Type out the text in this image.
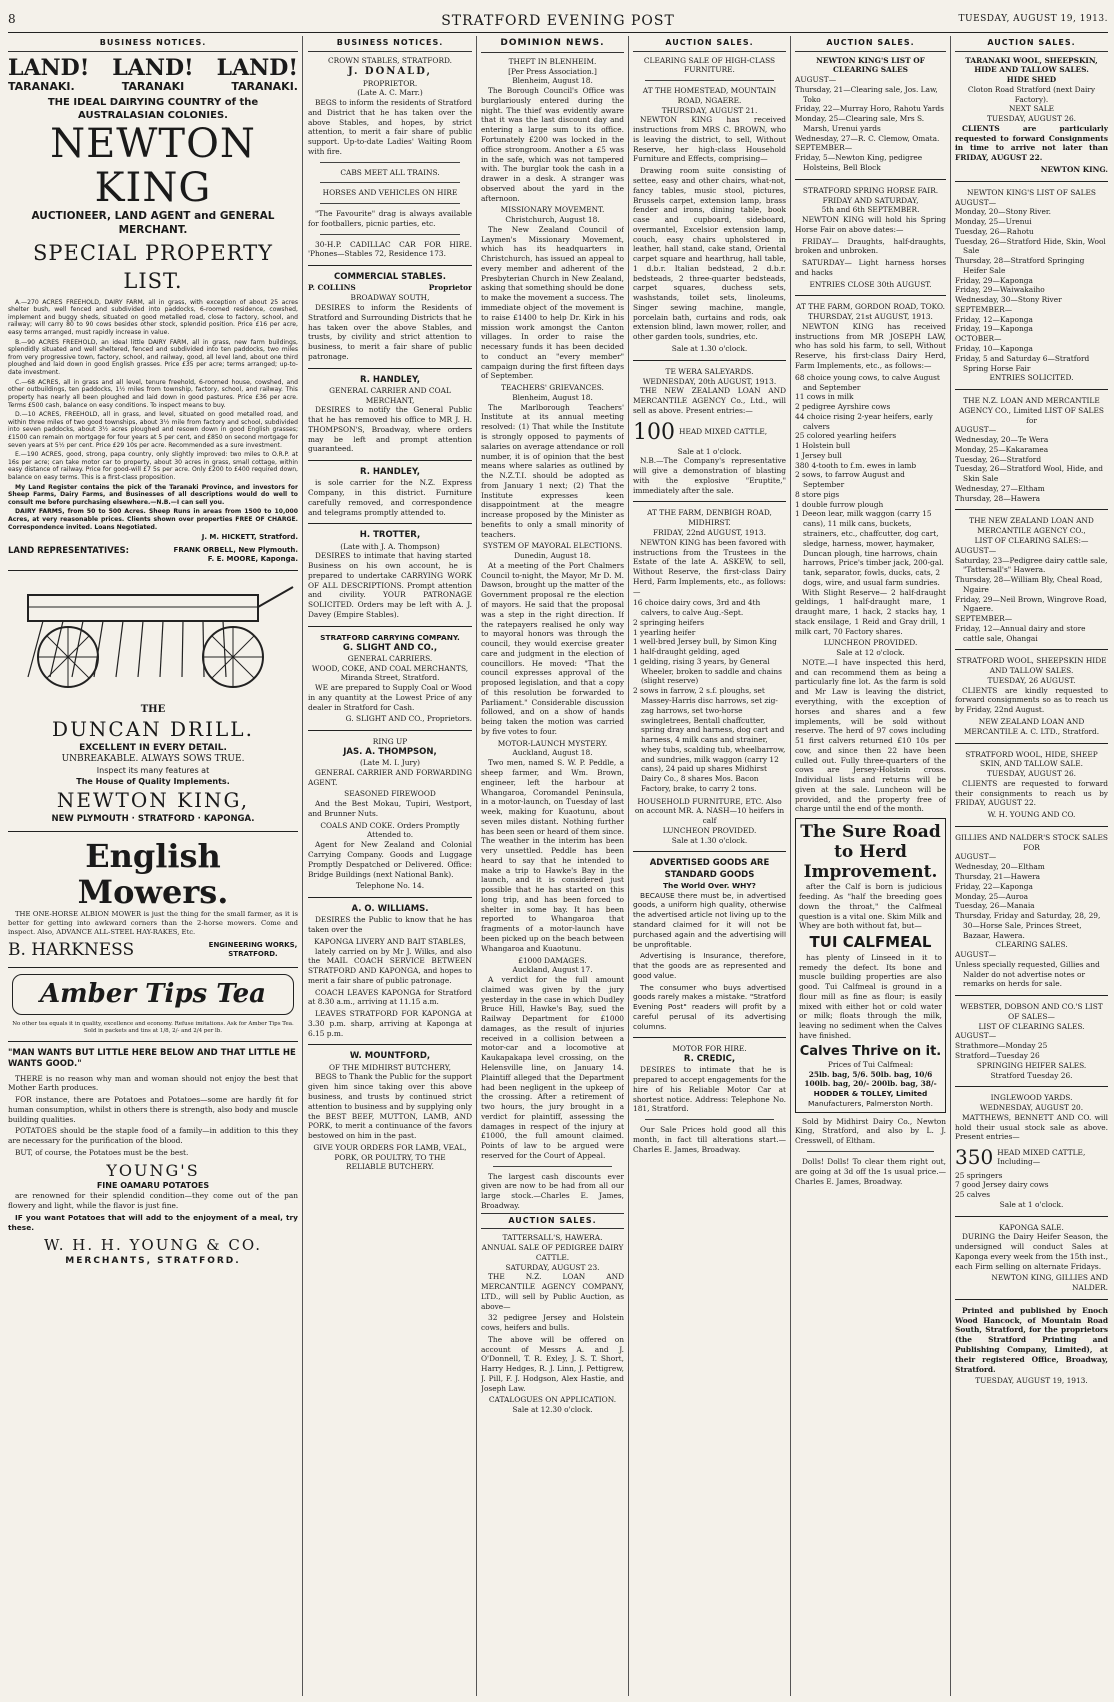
8	STRATFORD EVENING POST	TUESDAY, AUGUST 19, 1913.
BUSINESS NOTICES.
LAND! LAND! LAND!
TARANAKI.	TARANAKI	TARANAKI.
THE IDEAL DAIRYING COUNTRY of the AUSTRALASIAN COLONIES.
NEWTON KING
AUCTIONEER, LAND AGENT and GENERAL MERCHANT.
SPECIAL PROPERTY LIST.

A.—270 ACRES FREEHOLD, DAIRY FARM, all in grass, with exception of about 25 acres shelter bush, well fenced and subdivided into paddocks, 6-roomed residence, cowshed, implement and buggy sheds, situated on good metalled road, close to factory, school, and railway; will carry 80 to 90 cows besides other stock, splendid position. Price £16 per acre, easy terms arranged, must rapidly increase in value.

B.—90 ACRES FREEHOLD, an ideal little DAIRY FARM, all in grass, new farm buildings, splendidly situated and well sheltered, fenced and subdivided into ten paddocks, two miles from very progressive town, factory, school, and railway, good, all level land, about one third ploughed and laid down in good English grasses. Price £35 per acre; terms arranged; up-to-date investment.

C.—68 ACRES, all in grass and all level, tenure freehold, 6-roomed house, cowshed, and other outbuildings, ten paddocks, 1½ miles from township, factory, school, and railway. This property has nearly all been ploughed and laid down in good pastures. Price £36 per acre. Terms £500 cash, balance on easy conditions. To inspect means to buy.

D.—10 ACRES, FREEHOLD, all in grass, and level, situated on good metalled road, and within three miles of two good townships, about 3½ mile from factory and school, subdivided into seven paddocks, about 3½ acres ploughed and resown down in good English grasses; £1500 can remain on mortgage for four years at 5 per cent, and £850 on second mortgage for seven years at 5½ per cent. Price £29 10s per acre. Recommended as a sure investment.

E.—190 ACRES, good, strong, papa country, only slightly improved: two miles to O.R.P. at 16s per acre; can take motor car to property, about 30 acres in grass, small cottage, within easy distance of railway. Price for good-will £7 5s per acre. Only £200 to £400 required down, balance on easy terms. This is a first-class proposition.

My Land Register contains the pick of the Taranaki Province, and investors for Sheep Farms, Dairy Farms, and Businesses of all descriptions would do well to consult me before purchasing elsewhere.—N.B.—I can sell you.

DAIRY FARMS, from 50 to 500 Acres. Sheep Runs in areas from 1500 to 10,000 Acres, at very reasonable prices. Clients shown over properties FREE OF CHARGE. Correspondence invited. Loans Negotiated.

J. M. HICKETT, Stratford.
LAND REPRESENTATIVES:	FRANK ORBELL, New Plymouth.
F. E. MOORE, Kaponga.
THE
DUNCAN DRILL.
EXCELLENT IN EVERY DETAIL.
UNBREAKABLE. ALWAYS SOWS TRUE.
Inspect its many features at
The House of Quality Implements.
NEWTON KING,
NEW PLYMOUTH · STRATFORD · KAPONGA.
English Mowers.

THE ONE-HORSE ALBION MOWER is just the thing for the small farmer, as it is better for getting into awkward corners than the 2-horse mowers. Come and inspect. Also, ADVANCE ALL-STEEL HAY-RAKES, Etc.

B. HARKNESS	ENGINEERING WORKS, STRATFORD.
Amber Tips Tea
No other tea equals it in quality, excellence and economy. Refuse imitations. Ask for Amber Tips Tea. Sold in packets and tins at 1/8, 2/- and 2/4 per lb.
"MAN WANTS BUT LITTLE HERE BELOW AND THAT LITTLE HE WANTS GOOD."

THERE is no reason why man and woman should not enjoy the best that Mother Earth produces.

FOR instance, there are Potatoes and Potatoes—some are hardly fit for human consumption, whilst in others there is strength, also body and muscle building qualities.

POTATOES should be the staple food of a family—in addition to this they are necessary for the purification of the blood.

BUT, of course, the Potatoes must be the best.

YOUNG'S
FINE OAMARU POTATOES

are renowned for their splendid condition—they come out of the pan flowery and light, while the flavor is just fine.

IF you want Potatoes that will add to the enjoyment of a meal, try these.

W. H. H. YOUNG & CO.
MERCHANTS, STRATFORD.
BUSINESS NOTICES.
CROWN STABLES, STRATFORD.
J. DONALD,
PROPRIETOR.
(Late A. C. Marr.)

BEGS to inform the residents of Stratford and District that he has taken over the above Stables, and hopes, by strict attention, to merit a fair share of public support. Up-to-date Ladies' Waiting Room with fire.

CABS MEET ALL TRAINS.
HORSES AND VEHICLES ON HIRE

"The Favourite" drag is always available for footballers, picnic parties, etc.

30-H.P. CADILLAC CAR FOR HIRE. 'Phones—Stables 72, Residence 173.

COMMERCIAL STABLES.
P. COLLINS	Proprietor
BROADWAY SOUTH,

DESIRES to inform the Residents of Stratford and Surrounding Districts that he has taken over the above Stables, and trusts, by civility and strict attention to business, to merit a fair share of public patronage.

R. HANDLEY,
GENERAL CARRIER AND COAL MERCHANT,

DESIRES to notify the General Public that he has removed his office to MR J. H. THOMPSON'S, Broadway, where orders may be left and prompt attention guaranteed.

R. HANDLEY,

is sole carrier for the N.Z. Express Company, in this district. Furniture carefully removed, and correspondence and telegrams promptly attended to.

H. TROTTER,
(Late with J. A. Thompson)

DESIRES to intimate that having started Business on his own account, he is prepared to undertake CARRYING WORK OF ALL DESCRIPTIONS. Prompt attention and civility. YOUR PATRONAGE SOLICITED. Orders may be left with A. J. Davey (Empire Stables).

STRATFORD CARRYING COMPANY.
G. SLIGHT AND CO.,
GENERAL CARRIERS.
WOOD, COKE, AND COAL MERCHANTS,
Miranda Street, Stratford.

WE are prepared to Supply Coal or Wood in any quantity at the Lowest Price of any dealer in Stratford for Cash.

G. SLIGHT AND CO., Proprietors.
RING UP
JAS. A. THOMPSON,
(Late M. I. Jury)

GENERAL CARRIER AND FORWARDING AGENT.

SEASONED FIREWOOD

And the Best Mokau, Tupiri, Westport, and Brunner Nuts.

COALS AND COKE. Orders Promptly Attended to.

Agent for New Zealand and Colonial Carrying Company. Goods and Luggage Promptly Despatched or Delivered. Office: Bridge Buildings (next National Bank).

Telephone No. 14.
A. O. WILLIAMS.

DESIRES the Public to know that he has taken over the

KAPONGA LIVERY AND BAIT STABLES,

lately carried on by Mr J. Wilks, and also the MAIL COACH SERVICE BETWEEN STRATFORD AND KAPONGA, and hopes to merit a fair share of public patronage.

COACH LEAVES KAPONGA for Stratford at 8.30 a.m., arriving at 11.15 a.m.

LEAVES STRATFORD FOR KAPONGA at 3.30 p.m. sharp, arriving at Kaponga at 6.15 p.m.

W. MOUNTFORD,
OF THE MIDHIRST BUTCHERY,

BEGS to Thank the Public for the support given him since taking over this above business, and trusts by continued strict attention to business and by supplying only the BEST BEEF, MUTTON, LAMB, AND PORK, to merit a continuance of the favors bestowed on him in the past.

GIVE YOUR ORDERS FOR LAMB, VEAL, PORK, OR POULTRY, TO THE
RELIABLE BUTCHERY.
DOMINION NEWS.
THEFT IN BLENHEIM.
[Per Press Association.]
Blenheim, August 18.

The Borough Council's Office was burglariously entered during the night. The thief was evidently aware that it was the last discount day and entering a large sum to its office. Fortunately £200 was locked in the office strongroom. Another a £5 was in the safe, which was not tampered with. The burglar took the cash in a drawer in a desk. A stranger was observed about the yard in the afternoon.

MISSIONARY MOVEMENT.
Christchurch, August 18.

The New Zealand Council of Laymen's Missionary Movement, which has its headquarters in Christchurch, has issued an appeal to every member and adherent of the Presbyterian Church in New Zealand, asking that something should be done to make the movement a success. The immediate object of the movement is to raise £1400 to help Dr. Kirk in his mission work amongst the Canton villages. In order to raise the necessary funds it has been decided to conduct an "every member" campaign during the first fifteen days of September.

TEACHERS' GRIEVANCES.
Blenheim, August 18.

The Marlborough Teachers' Institute at its annual meeting resolved: (1) That while the Institute is strongly opposed to payments of salaries on average attendance or roll number, it is of opinion that the best means where salaries as outlined by the N.Z.T.I. should be adopted as from January 1 next; (2) That the Institute expresses keen disappointment at the meagre increase proposed by the Minister as benefits to only a small minority of teachers.

SYSTEM OF MAYORAL ELECTIONS.
Dunedin, August 18.

At a meeting of the Port Chalmers Council to-night, the Mayor, Mr D. M. Dawson, brought up the matter of the Government proposal re the election of mayors. He said that the proposal was a step in the right direction. If the ratepayers realised he only way to mayoral honors was through the council, they would exercise greater care and judgment in the election of councillors. He moved: "That the council expresses approval of the proposed legislation, and that a copy of this resolution be forwarded to Parliament." Considerable discussion followed, and on a show of hands being taken the motion was carried by five votes to four.

MOTOR-LAUNCH MYSTERY.
Auckland, August 18.

Two men, named S. W. P. Peddle, a sheep farmer, and Wm. Brown, engineer, left the harbour at Whangaroa, Coromandel Peninsula, in a motor-launch, on Tuesday of last week, making for Kuaotunu, about seven miles distant. Nothing further has been seen or heard of them since. The weather in the interim has been very unsettled. Peddle has been heard to say that he intended to make a trip to Hawke's Bay in the launch, and it is considered just possible that he has started on this long trip, and has been forced to shelter in some bay. It has been reported to Whangaroa that fragments of a motor-launch have been picked up on the beach between Whangaroa and Kuaotunu.

£1000 DAMAGES.
Auckland, August 17.

A verdict for the full amount claimed was given by the jury yesterday in the case in which Dudley Bruce Hill, Hawke's Bay, sued the Railway Department for £1000 damages, as the result of injuries received in a collision between a motor-car and a locomotive at Kaukapakapa level crossing, on the Helensville line, on January 14. Plaintiff alleged that the Department had been negligent in the upkeep of the crossing. After a retirement of two hours, the jury brought in a verdict for plaintiff, assessing the damages in respect of the injury at £1000, the full amount claimed. Points of law to be argued were reserved for the Court of Appeal.

The largest cash discounts ever given are now to be had from all our large stock.—Charles E. James, Broadway.

AUCTION SALES.
TATTERSALL'S, HAWERA.
ANNUAL SALE OF PEDIGREE DAIRY CATTLE.
SATURDAY, AUGUST 23.

THE N.Z. LOAN AND MERCANTILE AGENCY COMPANY, LTD., will sell by Public Auction, as above—

32 pedigree Jersey and Holstein cows, heifers and bulls.

The above will be offered on account of Messrs A. and J. O'Donnell, T. R. Exley, J. S. T. Short, Harry Hedges, R. J. Linn, J. Pettigrew, J. Pill, F. J. Hodgson, Alex Hastie, and Joseph Law.

CATALOGUES ON APPLICATION.
Sale at 12.30 o'clock.
AUCTION SALES.
CLEARING SALE OF HIGH-CLASS FURNITURE.
AT THE HOMESTEAD, MOUNTAIN ROAD, NGAERE.
THURSDAY, AUGUST 21.

NEWTON KING has received instructions from MRS C. BROWN, who is leaving the district, to sell, Without Reserve, her high-class Household Furniture and Effects, comprising—

Drawing room suite consisting of settee, easy and other chairs, what-not, fancy tables, music stool, pictures, Brussels carpet, extension lamp, brass fender and irons, dining table, book case and cupboard, sideboard, overmantel, Excelsior extension lamp, couch, easy chairs upholstered in leather, hall stand, cake stand, Oriental carpet square and hearthrug, hall table, 1 d.b.r. Italian bedstead, 2 d.b.r. bedsteads, 2 three-quarter bedsteads, carpet squares, duchess sets, washstands, toilet sets, linoleums, Singer sewing machine, mangle, porcelain bath, curtains and rods, oak extension blind, lawn mower, roller, and other garden tools, sundries, etc.

Sale at 1.30 o'clock.
TE WERA SALEYARDS.
WEDNESDAY, 20th AUGUST, 1913.

THE NEW ZEALAND LOAN AND MERCANTILE AGENCY Co., Ltd., will sell as above. Present entries:—

100 HEAD MIXED CATTLE,
Sale at 1 o'clock.

N.B.—The Company's representative will give a demonstration of blasting with the explosive "Eruptite," immediately after the sale.

AT THE FARM, DENBIGH ROAD, MIDHIRST.
FRIDAY, 22nd AUGUST, 1913.

NEWTON KING has been favored with instructions from the Trustees in the Estate of the late A. ASKEW, to sell, Without Reserve, the first-class Dairy Herd, Farm Implements, etc., as follows:—

16 choice dairy cows, 3rd and 4th calvers, to calve Aug.-Sept.
2 springing heifers
1 yearling heifer
1 well-bred Jersey bull, by Simon King
1 half-draught gelding, aged
1 gelding, rising 3 years, by General Wheeler, broken to saddle and chains (slight reserve)
2 sows in farrow, 2 s.f. ploughs, set Massey-Harris disc harrows, set zig-zag harrows, set two-horse swingletrees, Bentall chaffcutter, spring dray and harness, dog cart and harness, 4 milk cans and strainer, whey tubs, scalding tub, wheelbarrow, and sundries, milk waggon (carry 12 cans), 24 paid up shares Midhirst Dairy Co., 8 shares Mos. Bacon Factory, brake, to carry 2 tons.
HOUSEHOLD FURNITURE, ETC. Also on account MR. A. NASH—10 heifers in calf
LUNCHEON PROVIDED.
Sale at 1.30 o'clock.
ADVERTISED GOODS ARE STANDARD GOODS
The World Over. WHY?

BECAUSE there must be, in advertised goods, a uniform high quality, otherwise the advertised article not living up to the standard claimed for it will not be purchased again and the advertising will be unprofitable.

Advertising is Insurance, therefore, that the goods are as represented and good value.

The consumer who buys advertised goods rarely makes a mistake. "Stratford Evening Post" readers will profit by a careful perusal of its advertising columns.

MOTOR FOR HIRE.
R. CREDIC,

DESIRES to intimate that he is prepared to accept engagements for the hire of his Reliable Motor Car at shortest notice. Address: Telephone No. 181, Stratford.

Our Sale Prices hold good all this month, in fact till alterations start.—Charles E. James, Broadway.

AUCTION SALES.
NEWTON KING'S LIST OF CLEARING SALES
AUGUST—
Thursday, 21—Clearing sale, Jos. Law, Toko
Friday, 22—Murray Horo, Rahotu Yards
Monday, 25—Clearing sale, Mrs S. Marsh, Urenui yards
Wednesday, 27—R. C. Clemow, Omata.
SEPTEMBER—
Friday, 5—Newton King, pedigree Holsteins, Bell Block
STRATFORD SPRING HORSE FAIR.
FRIDAY AND SATURDAY,
5th and 6th SEPTEMBER.

NEWTON KING will hold his Spring Horse Fair on above dates:—

FRIDAY— Draughts, half-draughts, broken and unbroken.

SATURDAY— Light harness horses and hacks

ENTRIES CLOSE 30th AUGUST.
AT THE FARM, GORDON ROAD, TOKO.
THURSDAY, 21st AUGUST, 1913.

NEWTON KING has received instructions from MR JOSEPH LAW, who has sold his farm, to sell, Without Reserve, his first-class Dairy Herd, Farm Implements, etc., as follows:—

68 choice young cows, to calve August and September
11 cows in milk
2 pedigree Ayrshire cows
44 choice rising 2-year heifers, early calvers
25 colored yearling heifers
1 Holstein bull
1 Jersey bull
380 4-tooth to f.m. ewes in lamb
2 sows, to farrow August and September
8 store pigs
1 double furrow plough
1 Deeon lear, milk waggon (carry 15 cans), 11 milk cans, buckets, strainers, etc., chaffcutter, dog cart, sledge, harness, mower, haymaker, Duncan plough, tine harrows, chain harrows, Price's timber jack, 200-gal. tank, separator, fowls, ducks, cats, 2 dogs, wire, and usual farm sundries.

With Slight Reserve— 2 half-draught geldings, 1 half-draught mare, 1 draught mare, 1 hack, 2 stacks hay, 1 stack ensilage, 1 Reid and Gray drill, 1 milk cart, 70 Factory shares.

LUNCHEON PROVIDED.
Sale at 12 o'clock.

NOTE.—I have inspected this herd, and can recommend them as being a particularly fine lot. As the farm is sold and Mr Law is leaving the district, everything, with the exception of horses and shares and a few implements, will be sold without reserve. The herd of 97 cows including 51 first calvers returned £10 10s per cow, and since then 22 have been culled out. Fully three-quarters of the cows are Jersey-Holstein cross. Individual lists and returns will be given at the sale. Luncheon will be provided, and the property free of charge until the end of the month.

The Sure Road to Herd Improvement.

after the Calf is born is judicious feeding. As "half the breeding goes down the throat," the Calfmeal question is a vital one. Skim Milk and Whey are both without fat, but—

TUI CALFMEAL

has plenty of Linseed in it to remedy the defect. Its bone and muscle building properties are also good. Tui Calfmeal is ground in a flour mill as fine as flour; is easily mixed with either hot or cold water or milk; floats through the milk, leaving no sediment when the Calves have finished.

Calves Thrive on it.
Prices of Tui Calfmeal:
25lb. bag, 5/6. 50lb. bag, 10/6
100lb. bag, 20/- 200lb. bag, 38/-
HODDER & TOLLEY, Limited
Manufacturers, Palmerston North.

Sold by Midhirst Dairy Co., Newton King, Stratford, and also by L. J. Cresswell, of Eltham.

Dolls! Dolls! To clear them right out, are going at 3d off the 1s usual price.—Charles E. James, Broadway.

AUCTION SALES.
TARANAKI WOOL, SHEEPSKIN, HIDE AND TALLOW SALES.
HIDE SHED
Cloton Road Stratford (next Dairy Factory).
NEXT SALE
TUESDAY, AUGUST 26.

CLIENTS are particularly requested to forward Consignments in time to arrive not later than FRIDAY, AUGUST 22.

NEWTON KING.
NEWTON KING'S LIST OF SALES
AUGUST—
Monday, 20—Stony River.
Monday, 25—Urenui
Tuesday, 26—Rahotu
Tuesday, 26—Stratford Hide, Skin, Wool Sale
Thursday, 28—Stratford Springing Heifer Sale
Friday, 29—Kaponga
Friday, 29—Waiwakaiho
Wednesday, 30—Stony River
SEPTEMBER—
Friday, 12—Kaponga
Friday, 19—Kaponga
OCTOBER—
Friday, 10—Kaponga
Friday, 5 and Saturday 6—Stratford Spring Horse Fair
ENTRIES SOLICITED.
THE N.Z. LOAN AND MERCANTILE AGENCY CO., Limited LIST OF SALES for
AUGUST—
Wednesday, 20—Te Wera
Monday, 25—Kakaramea
Tuesday, 26—Stratford
Tuesday, 26—Stratford Wool, Hide, and Skin Sale
Wednesday, 27—Eltham
Thursday, 28—Hawera
THE NEW ZEALAND LOAN AND MERCANTILE AGENCY CO.,
LIST OF CLEARING SALES:—
AUGUST—
Saturday, 23—Pedigree dairy cattle sale, "Tattersall's" Hawera.
Thursday, 28—William Bly, Cheal Road, Ngaire
Friday, 29—Neil Brown, Wingrove Road, Ngaere.
SEPTEMBER—
Friday, 12—Annual dairy and store cattle sale, Ohangai
STRATFORD WOOL, SHEEPSKIN HIDE AND TALLOW SALES.
TUESDAY, 26 AUGUST.

CLIENTS are kindly requested to forward consignments so as to reach us by Friday, 22nd August.

NEW ZEALAND LOAN AND MERCANTILE A. C. LTD., Stratford.
STRATFORD WOOL, HIDE, SHEEP SKIN, AND TALLOW SALE.
TUESDAY, AUGUST 26.

CLIENTS are requested to forward their consignments to reach us by FRIDAY, AUGUST 22.

W. H. YOUNG AND CO.
GILLIES AND NALDER'S STOCK SALES FOR
AUGUST—
Wednesday, 20—Eltham
Thursday, 21—Hawera
Friday, 22—Kaponga
Monday, 25—Auroa
Tuesday, 26—Manaia
Thursday, Friday and Saturday, 28, 29, 30—Horse Sale, Princes Street, Bazaar, Hawera.
CLEARING SALES.
AUGUST—
Unless specially requested, Gillies and Nalder do not advertise notes or remarks on herds for sale.
WEBSTER, DOBSON AND CO.'S LIST OF SALES—
LIST OF CLEARING SALES.
AUGUST—
Strathmore—Monday 25
Stratford—Tuesday 26
SPRINGING HEIFER SALES.
Stratford Tuesday 26.
INGLEWOOD YARDS.
WEDNESDAY, AUGUST 20.

MATTHEWS, BENNETT AND CO. will hold their usual stock sale as above. Present entries—

350 HEAD MIXED CATTLE, Including—
25 springers
7 good Jersey dairy cows
25 calves
Sale at 1 o'clock.
KAPONGA SALE.

DURING the Dairy Heifer Season, the undersigned will conduct Sales at Kaponga every week from the 15th inst., each Firm selling on alternate Fridays.

NEWTON KING, GILLIES AND NALDER.

Printed and published by Enoch Wood Hancock, of Mountain Road South, Stratford, for the proprietors (the Stratford Printing and Publishing Company, Limited), at their registered Office, Broadway, Stratford.

TUESDAY, AUGUST 19, 1913.
